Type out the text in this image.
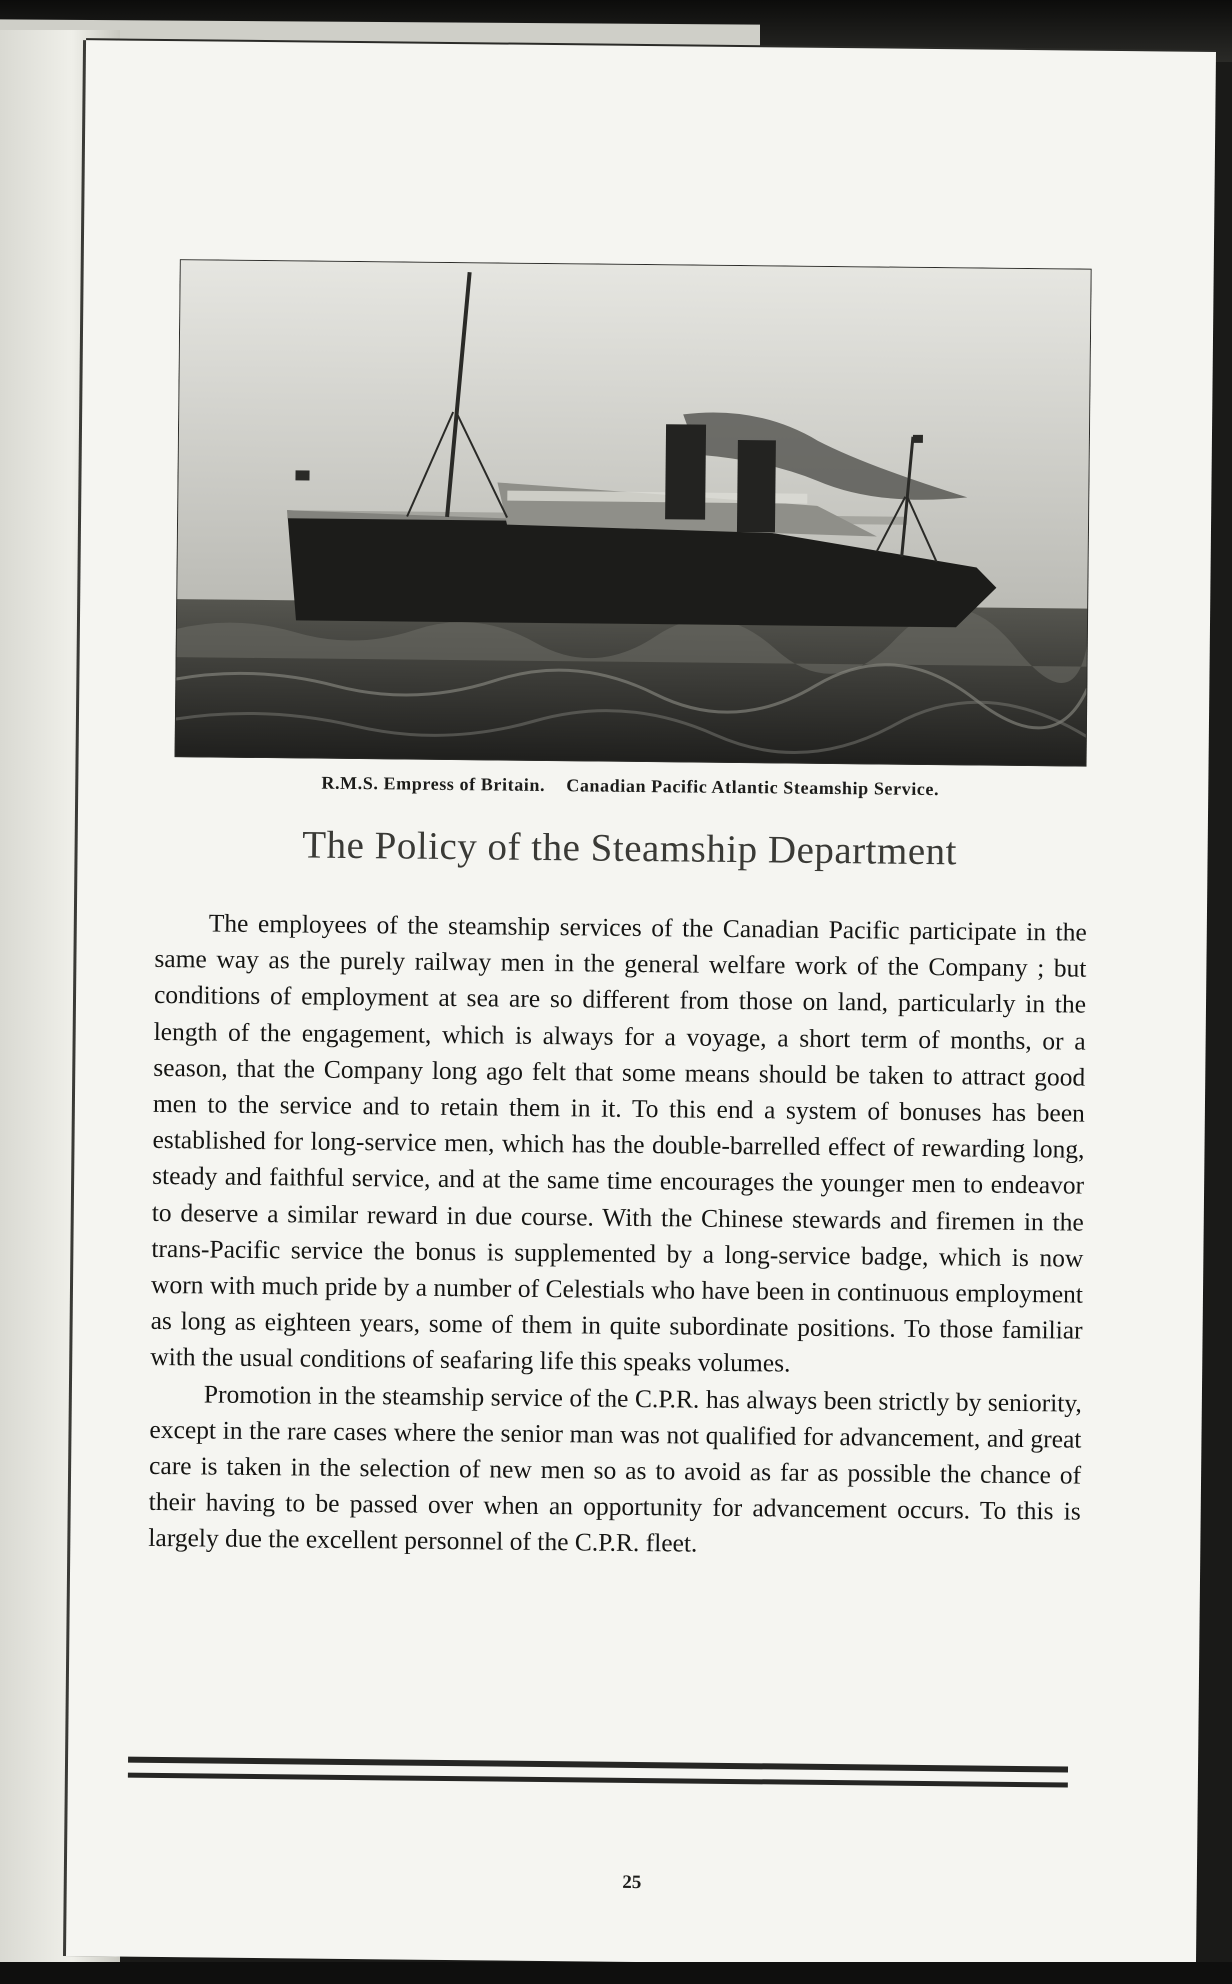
R.M.S. Empress of Britain. Canadian Pacific Atlantic Steamship Service.
The Policy of the Steamship Department

The employees of the steamship services of the Canadian Pacific participate in the same way as the purely railway men in the general welfare work of the Company ; but conditions of employment at sea are so different from those on land, particularly in the length of the engagement, which is always for a voyage, a short term of months, or a season, that the Company long ago felt that some means should be taken to attract good men to the service and to retain them in it. To this end a system of bonuses has been established for long-service men, which has the double-barrelled effect of rewarding long, steady and faithful service, and at the same time encourages the younger men to endeavor to deserve a similar reward in due course. With the Chinese stewards and firemen in the trans-Pacific service the bonus is supplemented by a long-service badge, which is now worn with much pride by a number of Celestials who have been in continuous employment as long as eighteen years, some of them in quite subordinate positions. To those familiar with the usual conditions of seafaring life this speaks volumes.

Promotion in the steamship service of the C.P.R. has always been strictly by seniority, except in the rare cases where the senior man was not qualified for advancement, and great care is taken in the selection of new men so as to avoid as far as possible the chance of their having to be passed over when an opportunity for advancement occurs. To this is largely due the excellent personnel of the C.P.R. fleet.

25
